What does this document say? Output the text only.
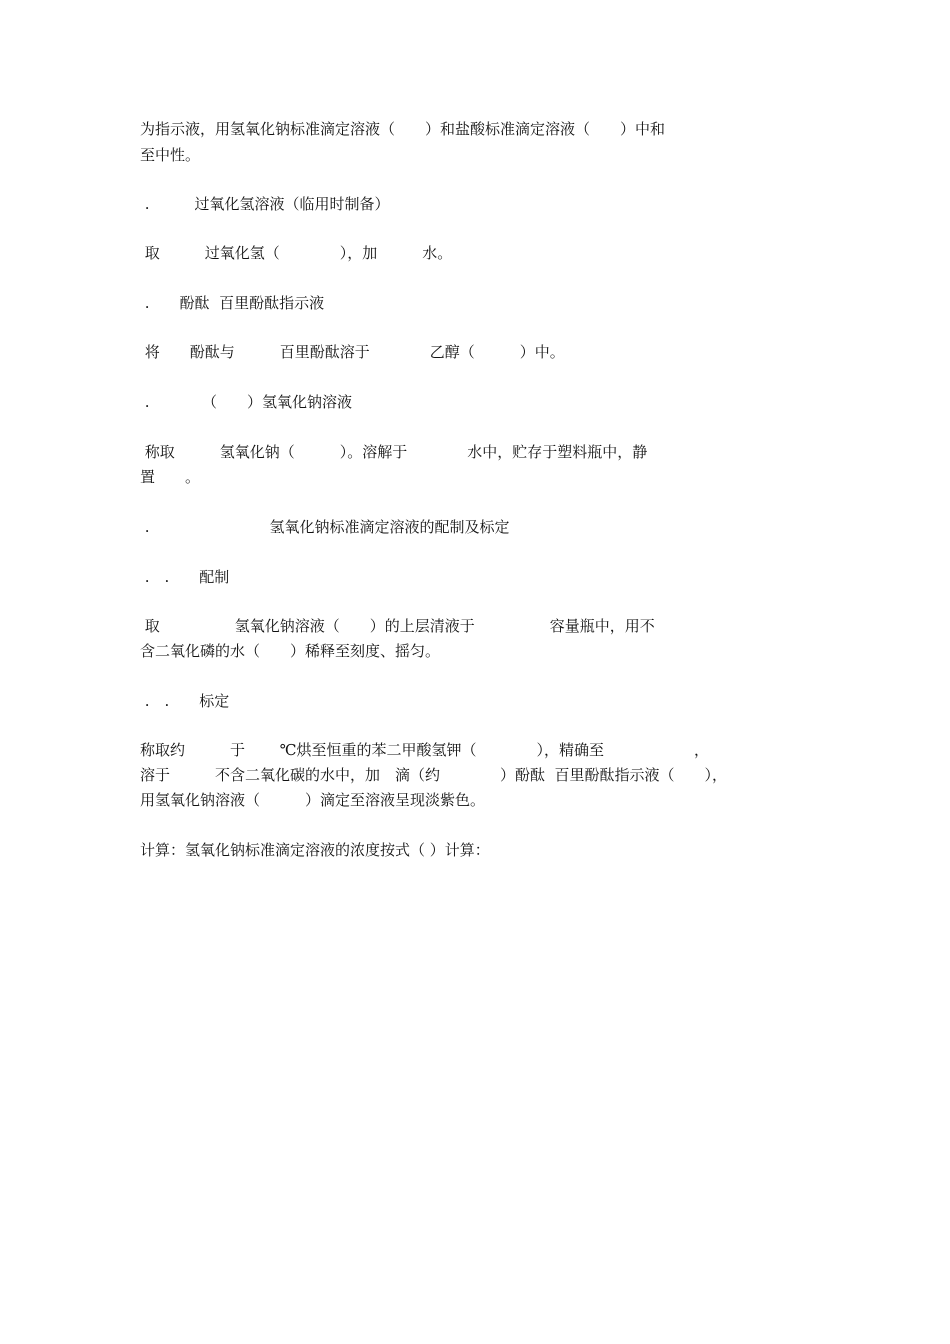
为指示液，用氢氧化钠标准滴定溶液（　　）和盐酸标准滴定溶液（　　）中和
至中性。
.　　　过氧化氢溶液（临用时制备）
取　　　过氧化氢（　　　　），加　　　水。
.　　酚酞  百里酚酞指示液
将　　酚酞与　　　百里酚酞溶于　　　　乙醇（　　　）中。
.　　　　（　　）氢氧化钠溶液
称取　　　氢氧化钠（　　　）。溶解于　　　　水中，贮存于塑料瓶中，静
置　　。
.　　　　　　　　氢氧化钠标准滴定溶液的配制及标定
.　.　　配制
取　　　　　氢氧化钠溶液（　　）的上层清液于　　　　　容量瓶中，用不
含二氧化磷的水（　　）稀释至刻度、摇匀。
.　.　　标定
称取约　　　于　　 ℃烘至恒重的苯二甲酸氢钾（　　　　），精确至　　　　　　，
溶于　　　不含二氧化碳的水中，加　滴（约　　　　）酚酞  百里酚酞指示液（　　），
用氢氧化钠溶液（　　　）滴定至溶液呈现淡紫色。
计算：氢氧化钠标准滴定溶液的浓度按式（ ）计算：
